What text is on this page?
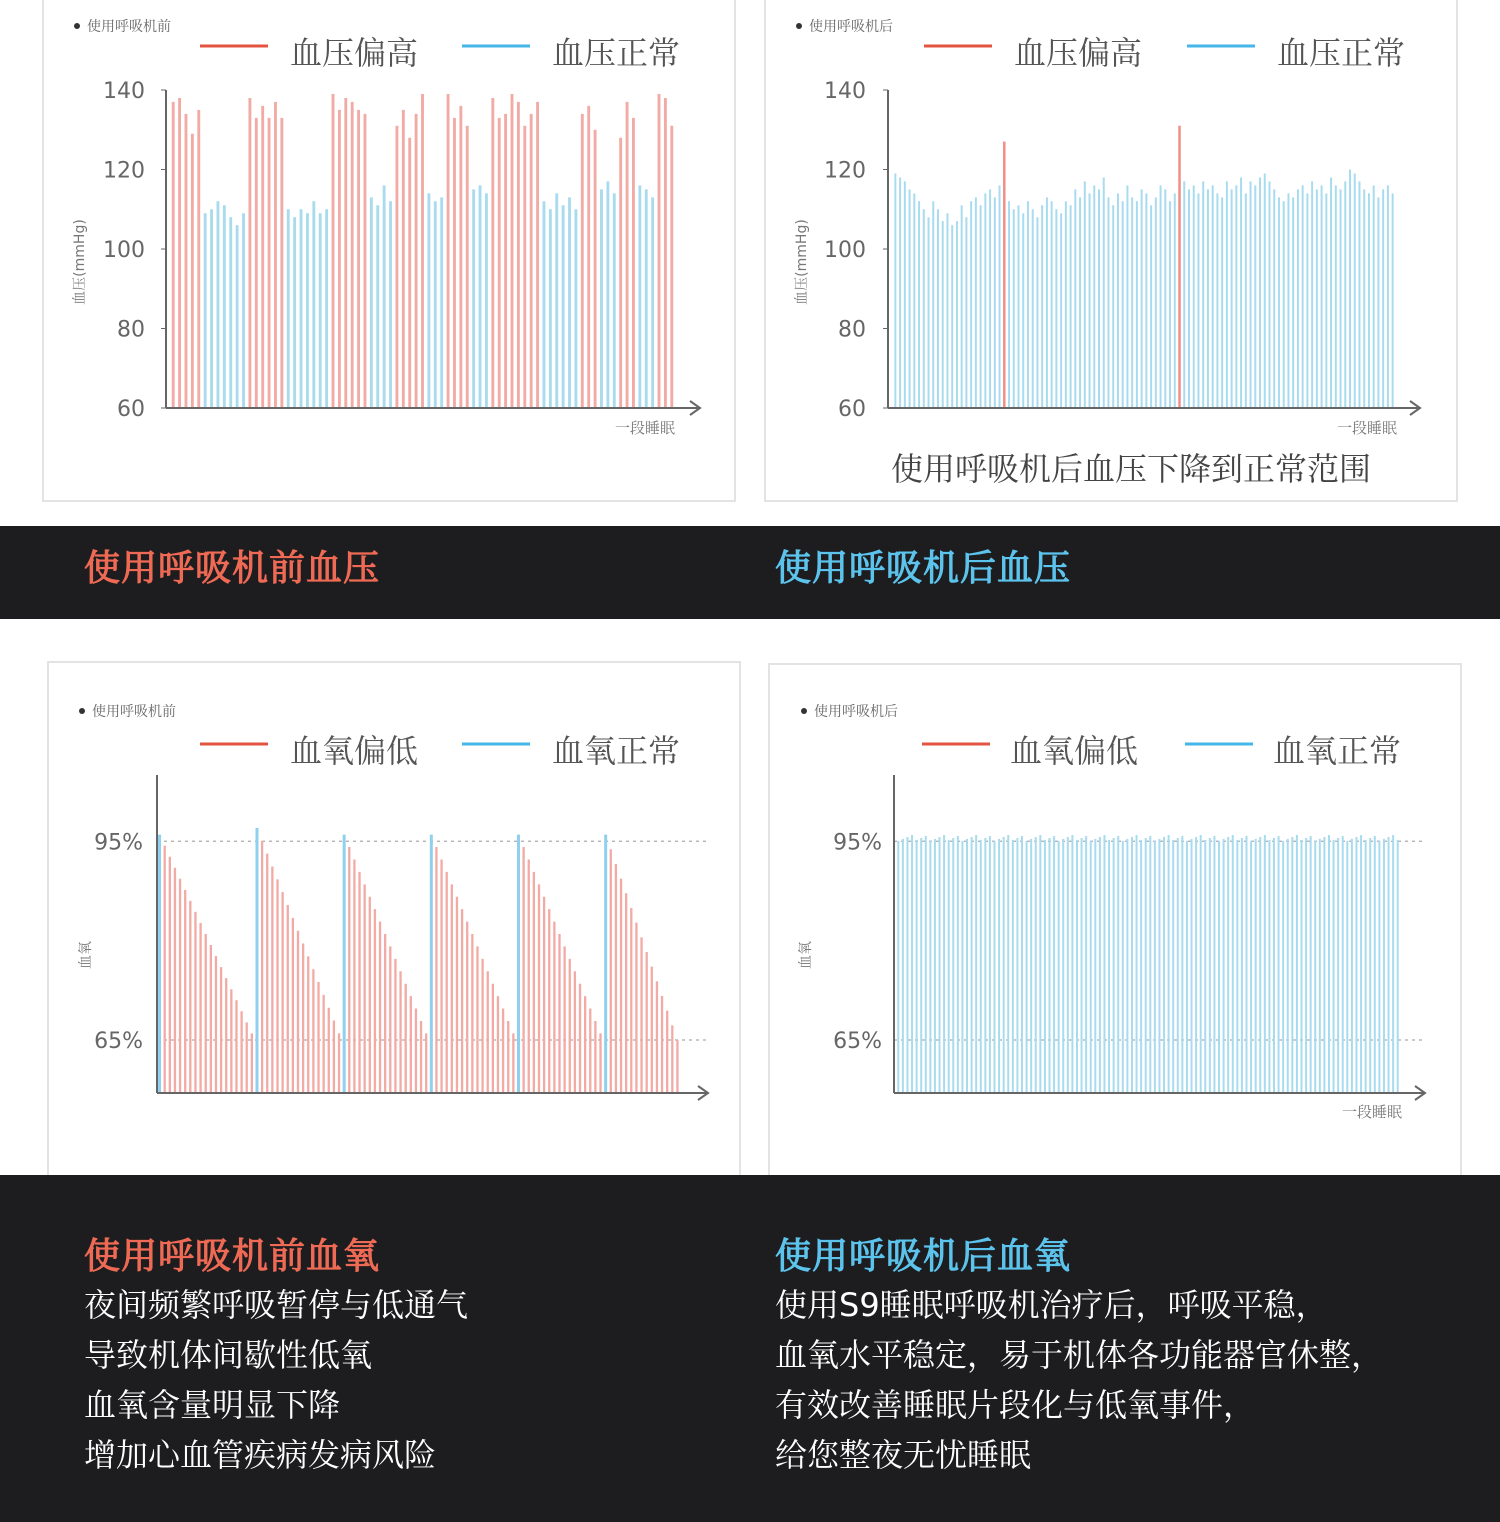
140
120
100
80
60
使用呼吸机前
血压偏高	血压正常
血压(mmHg)
一段睡眠
140
120
100
80
60
使用呼吸机后
血压偏高	血压正常
血压(mmHg)
一段睡眠
使用呼吸机后血压下降到正常范围
95%
65%
使用呼吸机前
血氧偏低	血氧正常
血氧
95%
65%
使用呼吸机后
血氧偏低	血氧正常
血氧
一段睡眠
使用呼吸机前血压	使用呼吸机后血压
使用呼吸机前血氧	使用呼吸机后血氧
夜间频繁呼吸暂停与低通气
导致机体间歇性低氧
血氧含量明显下降
增加心血管疾病发病风险
使用S9睡眠呼吸机治疗后，呼吸平稳，
血氧水平稳定，易于机体各功能器官休整，
有效改善睡眠片段化与低氧事件，
给您整夜无忧睡眠
